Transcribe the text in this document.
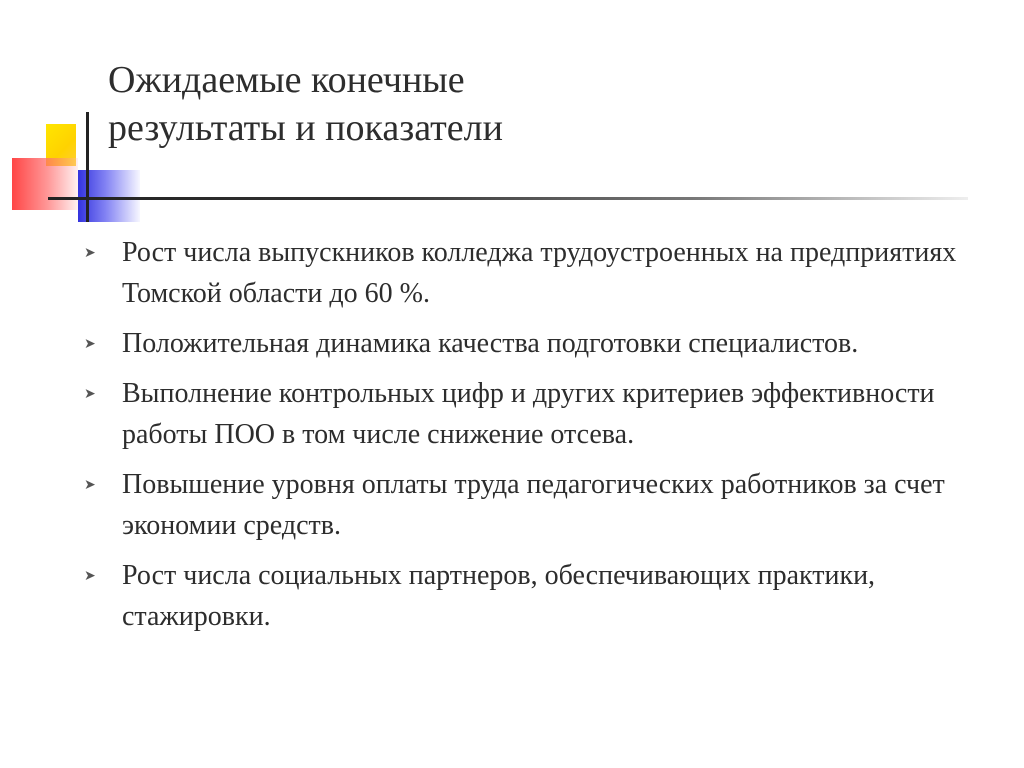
Ожидаемые конечные
результаты и показатели
➤ Рост числа выпускников колледжа трудоустроенных на предприятиях Томской области до 60 %.
➤ Положительная динамика качества подготовки специалистов.
➤ Выполнение контрольных цифр и других критериев эффективности работы ПОО в том числе снижение отсева.
➤ Повышение уровня оплаты труда педагогических работников за счет экономии средств.
➤ Рост числа социальных партнеров, обеспечивающих практики, стажировки.
